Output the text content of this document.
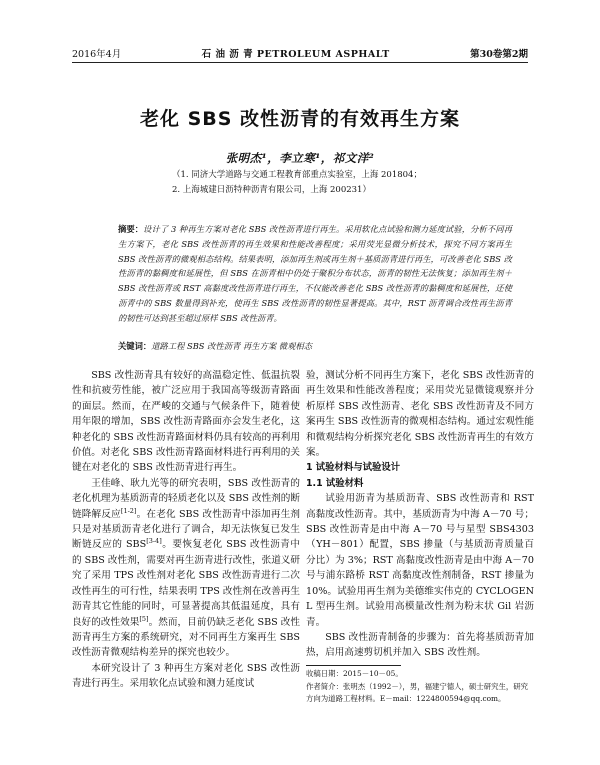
2016年4月	石 油 沥 青 PETROLEUM ASPHALT	第30卷第2期
老化 SBS 改性沥青的有效再生方案
张明杰¹，李立寒¹，祁文洋²
（1. 同济大学道路与交通工程教育部重点实验室，上海 201804；
2. 上海城建日沥特种沥青有限公司，上海 200231）
摘要：设计了 3 种再生方案对老化 SBS 改性沥青进行再生。采用软化点试验和测力延度试验，分析不同再生方案下，老化 SBS 改性沥青的再生效果和性能改善程度；采用荧光显微分析技术，探究不同方案再生 SBS 改性沥青的微观相态结构。结果表明，添加再生剂或再生剂＋基质沥青进行再生，可改善老化 SBS 改性沥青的黏稠度和延展性，但 SBS 在沥青相中仍处于聚积分布状态，沥青的韧性无法恢复；添加再生剂＋SBS 改性沥青或 RST 高黏度改性沥青进行再生，不仅能改善老化 SBS 改性沥青的黏稠度和延展性，还使沥青中的 SBS 数量得到补充，使再生 SBS 改性沥青的韧性显著提高。其中，RST 沥青调合改性再生沥青的韧性可达到甚至超过原样 SBS 改性沥青。
关键词：道路工程 SBS 改性沥青 再生方案 微观相态

SBS 改性沥青具有较好的高温稳定性、低温抗裂性和抗疲劳性能，被广泛应用于我国高等级沥青路面的面层。然而，在严峻的交通与气候条件下，随着使用年限的增加，SBS 改性沥青路面亦会发生老化，这种老化的 SBS 改性沥青路面材料仍具有较高的再利用价值。对老化 SBS 改性沥青路面材料进行再利用的关键在对老化的 SBS 改性沥青进行再生。

王佳峰、耿九光等的研究表明，SBS 改性沥青的老化机理为基质沥青的轻质老化以及 SBS 改性剂的断链降解反应[1-2]。在老化 SBS 改性沥青中添加再生剂只是对基质沥青老化进行了调合，却无法恢复已发生断链反应的 SBS[3-4]。要恢复老化 SBS 改性沥青中的 SBS 改性剂，需要对再生沥青进行改性，张道义研究了采用 TPS 改性剂对老化 SBS 改性沥青进行二次改性再生的可行性，结果表明 TPS 改性剂在改善再生沥青其它性能的同时，可显著提高其低温延度，具有良好的改性效果[5]。然而，目前仍缺乏老化 SBS 改性沥青再生方案的系统研究，对不同再生方案再生 SBS 改性沥青微观结构差异的探究也较少。

本研究设计了 3 种再生方案对老化 SBS 改性沥青进行再生。采用软化点试验和测力延度试

验，测试分析不同再生方案下，老化 SBS 改性沥青的再生效果和性能改善程度；采用荧光显微镜观察并分析原样 SBS 改性沥青、老化 SBS 改性沥青及不同方案再生 SBS 改性沥青的微观相态结构。通过宏观性能和微观结构分析探究老化 SBS 改性沥青再生的有效方案。

1 试验材料与试验设计

1.1 试验材料

试验用沥青为基质沥青、SBS 改性沥青和 RST 高黏度改性沥青。其中，基质沥青为中海 A－70 号；SBS 改性沥青是由中海 A－70 号与星型 SBS4303（YH－801）配置，SBS 掺量（与基质沥青质量百分比）为 3%；RST 高黏度改性沥青是由中海 A－70 号与浦东路桥 RST 高黏度改性剂制备，RST 掺量为 10%。试验用再生剂为美德维实伟克的 CYCLOGEN L 型再生剂。试验用高模量改性剂为粉末状 Gil 岩沥青。

SBS 改性沥青制备的步骤为：首先将基质沥青加热，启用高速剪切机并加入 SBS 改性剂。

收稿日期：2015－10－05。

作者简介：张明杰（1992－），男，福建宁德人，硕士研究生，研究方向为道路工程材料。E－mail：1224800594@qq.com。
